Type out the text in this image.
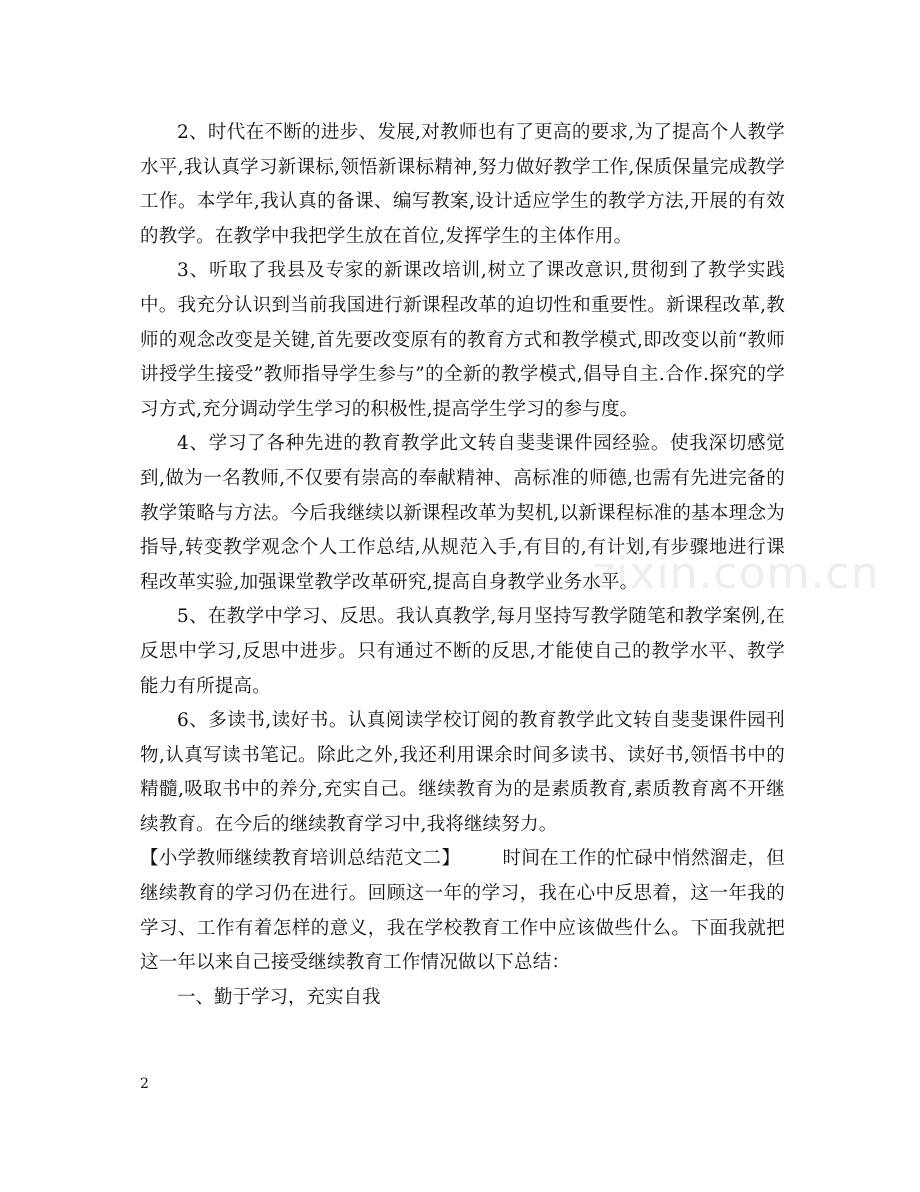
zixin.com.cn

2、时代在不断的进步、发展,对教师也有了更高的要求,为了提高个人教学水平,我认真学习新课标,领悟新课标精神,努力做好教学工作,保质保量完成教学工作。本学年,我认真的备课、编写教案,设计适应学生的教学方法,开展的有效的教学。在教学中我把学生放在首位,发挥学生的主体作用。

3、听取了我县及专家的新课改培训,树立了课改意识,贯彻到了教学实践中。我充分认识到当前我国进行新课程改革的迫切性和重要性。新课程改革,教师的观念改变是关键,首先要改变原有的教育方式和教学模式,即改变以前“教师讲授学生接受”教师指导学生参与”的全新的教学模式,倡导自主.合作.探究的学习方式,充分调动学生学习的积极性,提高学生学习的参与度。

4、学习了各种先进的教育教学此文转自斐斐课件园经验。使我深切感觉到,做为一名教师,不仅要有崇高的奉献精神、高标准的师德,也需有先进完备的教学策略与方法。今后我继续以新课程改革为契机,以新课程标准的基本理念为指导,转变教学观念个人工作总结,从规范入手,有目的,有计划,有步骤地进行课程改革实验,加强课堂教学改革研究,提高自身教学业务水平。

5、在教学中学习、反思。我认真教学,每月坚持写教学随笔和教学案例,在反思中学习,反思中进步。只有通过不断的反思,才能使自己的教学水平、教学能力有所提高。

6、多读书,读好书。认真阅读学校订阅的教育教学此文转自斐斐课件园刊物,认真写读书笔记。除此之外,我还利用课余时间多读书、读好书,领悟书中的精髓,吸取书中的养分,充实自己。继续教育为的是素质教育,素质教育离不开继续教育。在今后的继续教育学习中,我将继续努力。

【小学教师继续教育培训总结范文二】 时间在工作的忙碌中悄然溜走，但继续教育的学习仍在进行。回顾这一年的学习，我在心中反思着，这一年我的学习、工作有着怎样的意义，我在学校教育工作中应该做些什么。下面我就把这一年以来自己接受继续教育工作情况做以下总结：

一、勤于学习，充实自我

2
